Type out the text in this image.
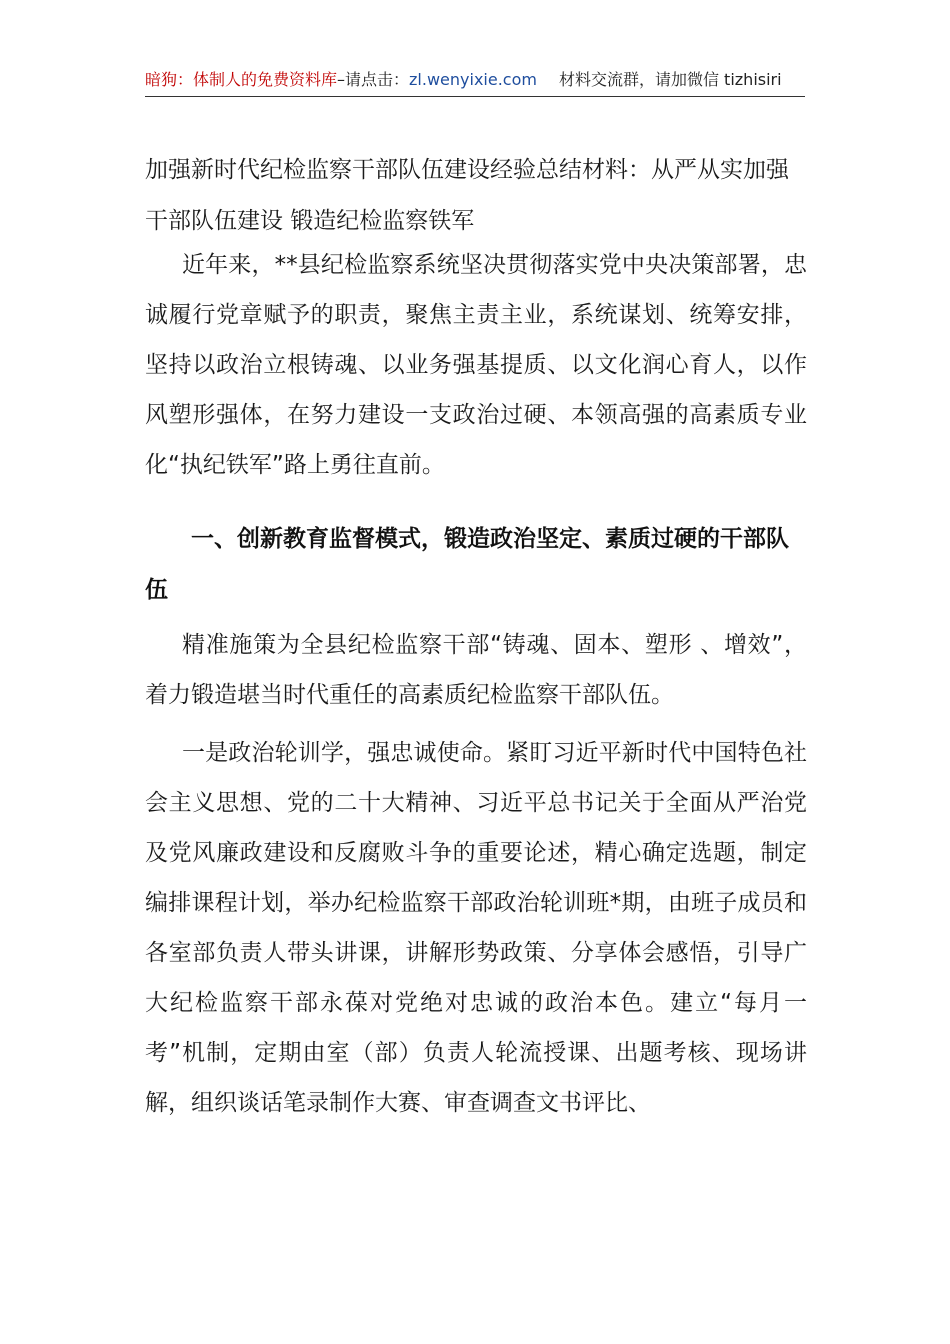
暗狗：体制人的免费资料库–请点击：zl.wenyixie.com 材料交流群，请加微信 tizhisiri
加强新时代纪检监察干部队伍建设经验总结材料：从严从实加强干部队伍建设 锻造纪检监察铁军
近年来，**县纪检监察系统坚决贯彻落实党中央决策部署，忠诚履行党章赋予的职责，聚焦主责主业，系统谋划、统筹安排，坚持以政治立根铸魂、以业务强基提质、以文化润心育人，以作风塑形强体，在努力建设一支政治过硬、本领高强的高素质专业化“执纪铁军”路上勇往直前。
一、创新教育监督模式，锻造政治坚定、素质过硬的干部队伍
精准施策为全县纪检监察干部“铸魂、固本、塑形 、增效”，着力锻造堪当时代重任的高素质纪检监察干部队伍。
一是政治轮训学，强忠诚使命。紧盯习近平新时代中国特色社会主义思想、党的二十大精神、习近平总书记关于全面从严治党及党风廉政建设和反腐败斗争的重要论述，精心确定选题，制定编排课程计划，举办纪检监察干部政治轮训班*期，由班子成员和各室部负责人带头讲课，讲解形势政策、分享体会感悟，引导广大纪检监察干部永葆对党绝对忠诚的政治本色。建立“每月一考”机制，定期由室（部）负责人轮流授课、出题考核、现场讲解，组织谈话笔录制作大赛、审查调查文书评比、
